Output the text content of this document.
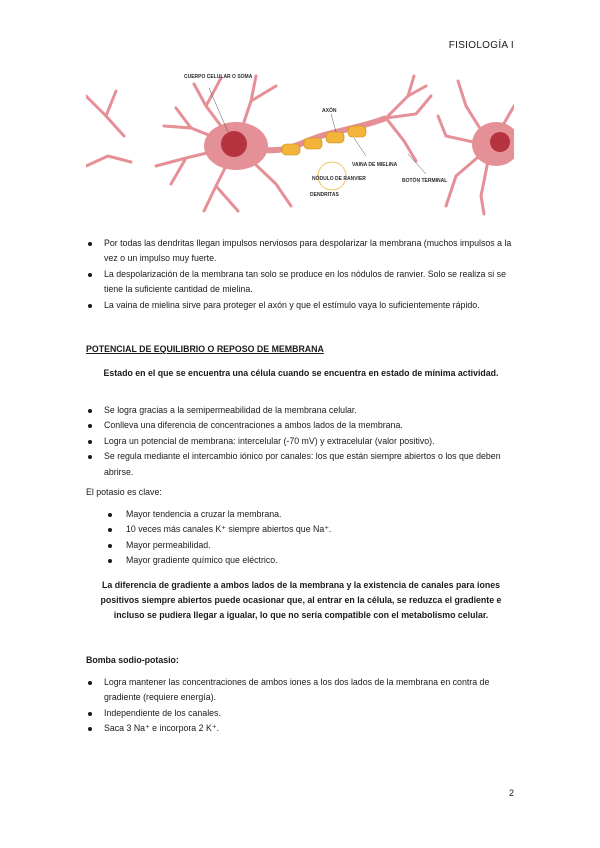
FISIOLOGÍA I
CUERPO CELULAR O SOMA
AXÓN
NÓDULO DE RANVIER
VAINA DE MIELINA
DENDRITAS
BOTÓN TERMINAL

Por todas las dendritas llegan impulsos nerviosos para despolarizar la membrana (muchos impulsos a la vez o un impulso muy fuerte.

La despolarización de la membrana tan solo se produce en los nódulos de ranvier. Solo se realiza si se tiene la suficiente cantidad de mielina.

La vaina de mielina sirve para proteger el axón y que el estímulo vaya lo suficientemente rápido.

POTENCIAL DE EQUILIBRIO O REPOSO DE MEMBRANA
Estado en el que se encuentra una célula cuando se encuentra en estado de mínima actividad.

Se logra gracias a la semipermeabilidad de la membrana celular.

Conlleva una diferencia de concentraciones a ambos lados de la membrana.

Logra un potencial de membrana: intercelular (-70 mV) y extracelular (valor positivo).

Se regula mediante el intercambio iónico por canales: los que están siempre abiertos o los que deben abrirse.

El potasio es clave:

Mayor tendencia a cruzar la membrana.

10 veces más canales K⁺ siempre abiertos que Na⁺.

Mayor permeabilidad.

Mayor gradiente químico que eléctrico.

La diferencia de gradiente a ambos lados de la membrana y la existencia de canales para iones positivos siempre abiertos puede ocasionar que, al entrar en la célula, se reduzca el gradiente e incluso se pudiera llegar a igualar, lo que no sería compatible con el metabolismo celular.
Bomba sodio-potasio:

Logra mantener las concentraciones de ambos iones a los dos lados de la membrana en contra de gradiente (requiere energía).

Independiente de los canales.

Saca 3 Na⁺ e incorpora 2 K⁺.

2
